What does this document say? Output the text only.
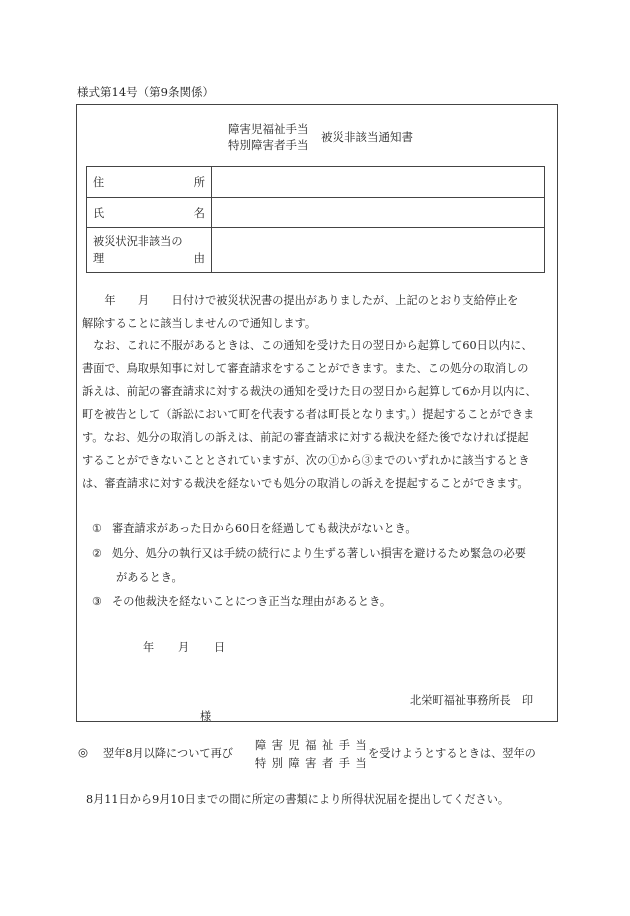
様式第14号（第9条関係）
障害児福祉手当
特別障害者手当
被災非該当通知書
住 所	

氏 名	

被災状況非該当の
理 由	

　　年　　月　　日付けで被災状況書の提出がありましたが、上記のとおり支給停止を
解除することに該当しませんので通知します。
　なお、これに不服があるときは、この通知を受けた日の翌日から起算して60日以内に、
書面で、鳥取県知事に対して審査請求をすることができます。また、この処分の取消しの
訴えは、前記の審査請求に対する裁決の通知を受けた日の翌日から起算して6か月以内に、
町を被告として（訴訟において町を代表する者は町長となります。）提起することができま
す。なお、処分の取消しの訴えは、前記の審査請求に対する裁決を経た後でなければ提起
することができないこととされていますが、次の①から③までのいずれかに該当するとき
は、審査請求に対する裁決を経ないでも処分の取消しの訴えを提起することができます。
① 審査請求があった日から60日を経過しても裁決がないとき。
② 処分、処分の執行又は手続の続行により生ずる著しい損害を避けるため緊急の必要
があるとき。
③ その他裁決を経ないことにつき正当な理由があるとき。
年 月 日
北栄町福祉事務所長　印
様
◎ 翌年8月以降について再び
障 害 児 福 祉 手 当
特 別 障 害 者 手 当
を受けようとするときは、翌年の
8月11日から9月10日までの間に所定の書類により所得状況届を提出してください。
